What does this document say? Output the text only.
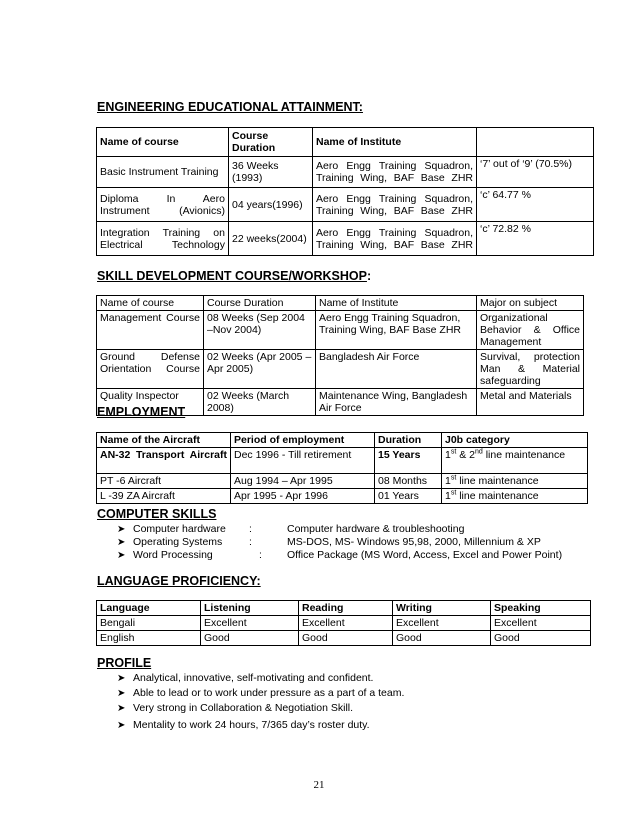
ENGINEERING EDUCATIONAL ATTAINMENT:
Name of course	Course Duration	Name of Institute	
Basic Instrument Training	36 Weeks (1993)	Aero Engg Training Squadron, Training Wing, BAF Base ZHR	‘7’ out of ‘9’ (70.5%)
Diploma In Aero Instrument (Avionics)	04 years(1996)	Aero Engg Training Squadron, Training Wing, BAF Base ZHR	‘c’ 64.77 %
Integration Training on Electrical Technology	22 weeks(2004)	Aero Engg Training Squadron, Training Wing, BAF Base ZHR	‘c’ 72.82 %
SKILL DEVELOPMENT COURSE/WORKSHOP:
Name of course	Course Duration	Name of Institute	Major on subject
Management Course	08 Weeks (Sep 2004 –Nov 2004)	Aero Engg Training Squadron, Training Wing, BAF Base ZHR	Organizational Behavior & Office Management
Ground Defense Orientation Course	02 Weeks (Apr 2005 – Apr 2005)	Bangladesh Air Force	Survival, protection Man & Material safeguarding
Quality Inspector	02 Weeks (March 2008)	Maintenance Wing, Bangladesh Air Force	Metal and Materials
EMPLOYMENT
Name of the Aircraft	Period of employment	Duration	J0b category
AN-32 Transport Aircraft	Dec 1996 - Till retirement	15 Years	1st & 2nd line maintenance
PT -6 Aircraft	Aug 1994 – Apr 1995	08 Months	1st line maintenance
L -39 ZA Aircraft	Apr 1995 - Apr 1996	01 Years	1st line maintenance
COMPUTER SKILLS
➤ Computer hardware :	Computer hardware & troubleshooting
➤ Operating Systems	:	MS-DOS, MS- Windows 95,98, 2000, Millennium & XP
➤ Word Processing	: Office Package (MS Word, Access, Excel and Power Point)
LANGUAGE PROFICIENCY:
Language	Listening	Reading	Writing	Speaking
Bengali	Excellent	Excellent	Excellent	Excellent
English	Good	Good	Good	Good
PROFILE
➤ Analytical, innovative, self-motivating and confident.
➤ Able to lead or to work under pressure as a part of a team.
➤ Very strong in Collaboration & Negotiation Skill.
➤ Mentality to work 24 hours, 7/365 day’s roster duty.
21
